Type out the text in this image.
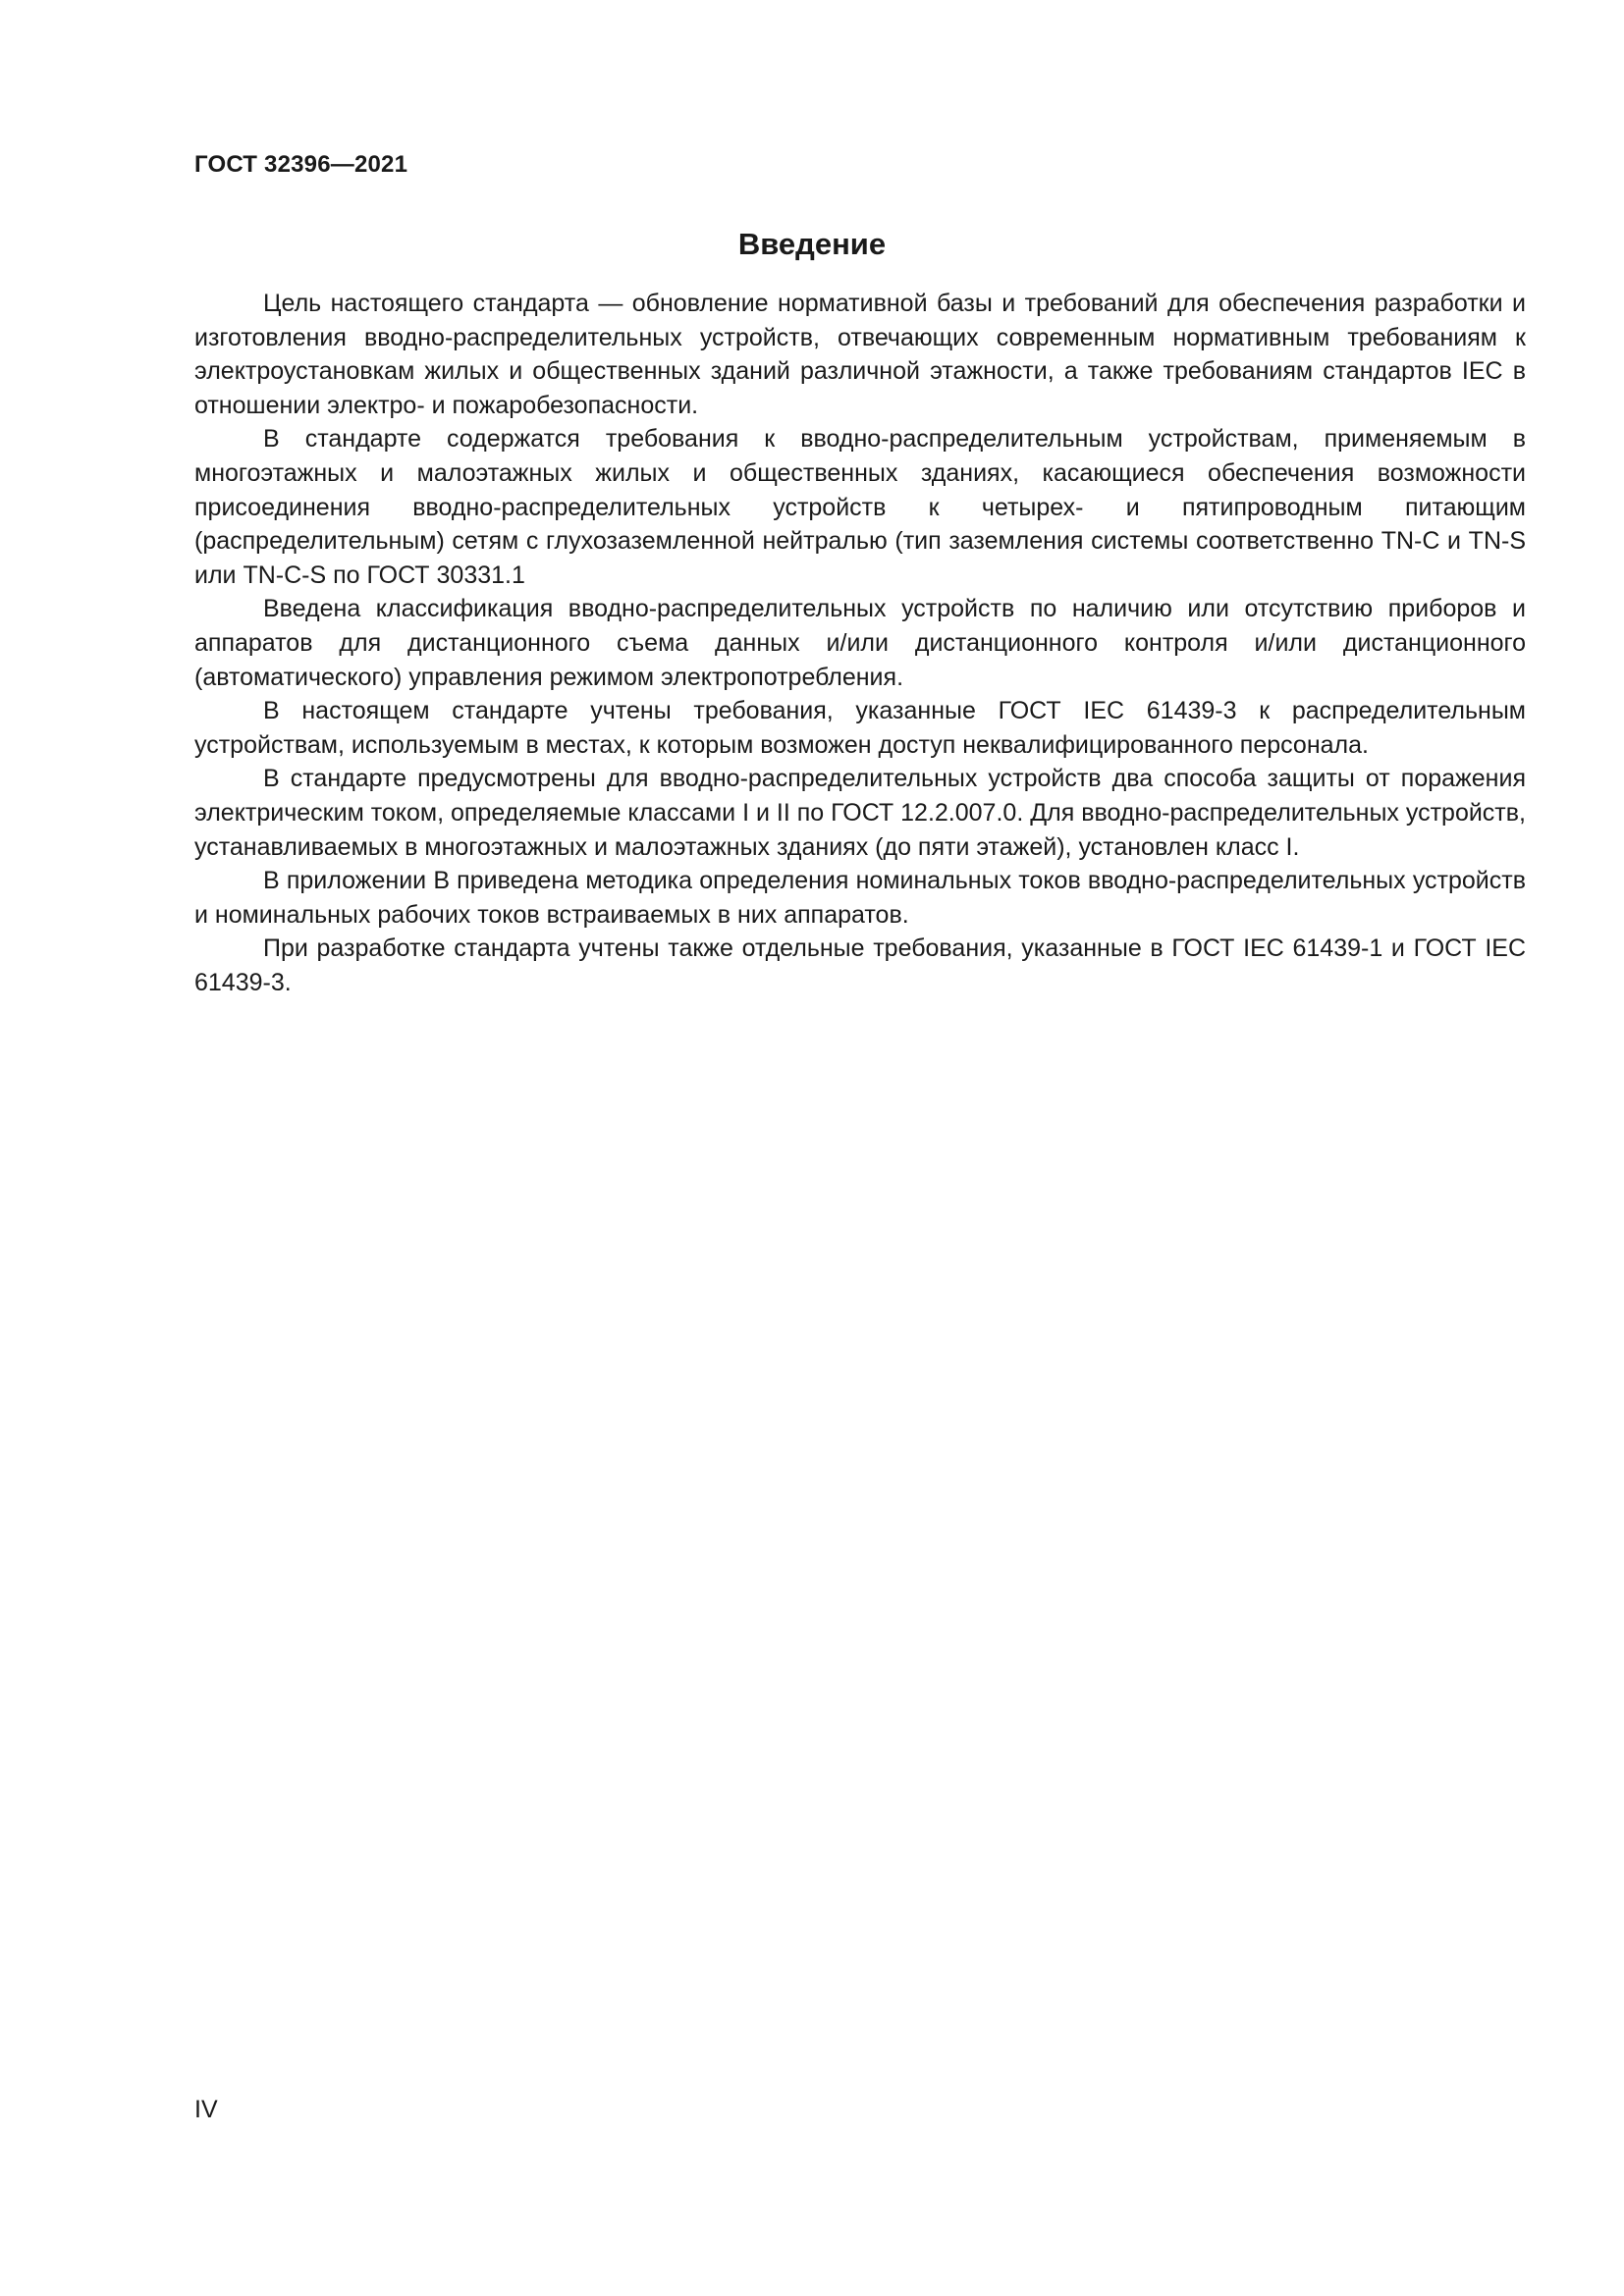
ГОСТ 32396—2021
Введение

Цель настоящего стандарта — обновление нормативной базы и требований для обеспечения разработки и изготовления вводно-распределительных устройств, отвечающих современным нормативным требованиям к электроустановкам жилых и общественных зданий различной этажности, а также требованиям стандартов IEC в отношении электро- и пожаробезопасности.

В стандарте содержатся требования к вводно-распределительным устройствам, применяемым в многоэтажных и малоэтажных жилых и общественных зданиях, касающиеся обеспечения возможности присоединения вводно-распределительных устройств к четырех- и пятипроводным питающим (распределительным) сетям с глухозаземленной нейтралью (тип заземления системы соответственно TN-C и TN-S или TN-C-S по ГОСТ 30331.1

Введена классификация вводно-распределительных устройств по наличию или отсутствию приборов и аппаратов для дистанционного съема данных и/или дистанционного контроля и/или дистанционного (автоматического) управления режимом электропотребления.

В настоящем стандарте учтены требования, указанные ГОСТ IEC 61439-3 к распределительным устройствам, используемым в местах, к которым возможен доступ неквалифицированного персонала.

В стандарте предусмотрены для вводно-распределительных устройств два способа защиты от поражения электрическим током, определяемые классами I и II по ГОСТ 12.2.007.0. Для вводно-распределительных устройств, устанавливаемых в многоэтажных и малоэтажных зданиях (до пяти этажей), установлен класс I.

В приложении В приведена методика определения номинальных токов вводно-распределительных устройств и номинальных рабочих токов встраиваемых в них аппаратов.

При разработке стандарта учтены также отдельные требования, указанные в ГОСТ IEC 61439-1 и ГОСТ IEC 61439-3.

IV
